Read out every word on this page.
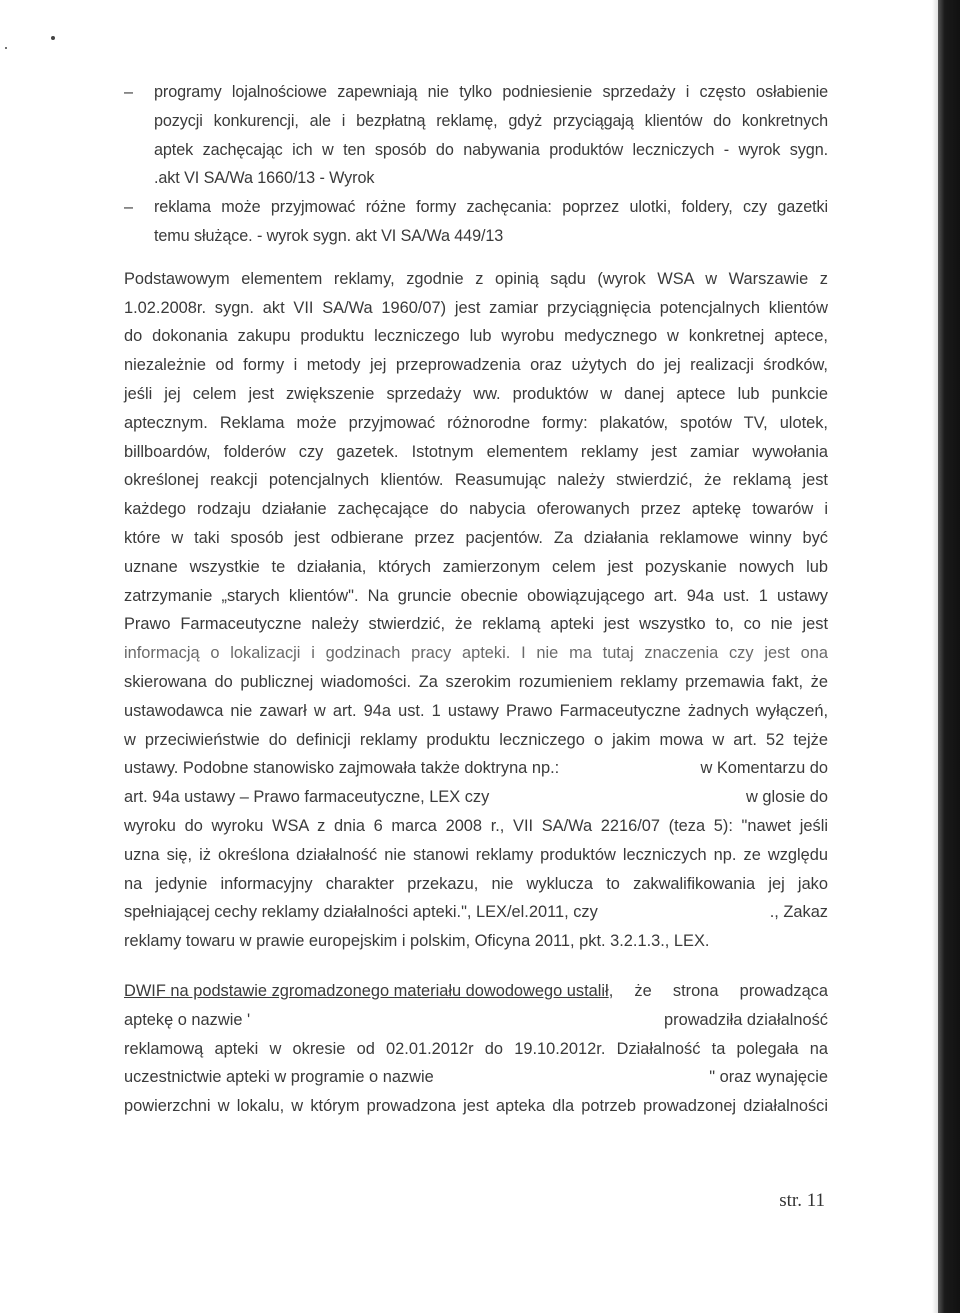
– programy lojalnościowe zapewniają nie tylko podniesienie sprzedaży i często osłabienie
pozycji konkurencji, ale i bezpłatną reklamę, gdyż przyciągają klientów do konkretnych
aptek zachęcając ich w ten sposób do nabywania produktów leczniczych - wyrok sygn.
.akt VI SA/Wa 1660/13 - Wyrok
– reklama może przyjmować różne formy zachęcania: poprzez ulotki, foldery, czy gazetki
temu służące. - wyrok sygn. akt VI SA/Wa 449/13
Podstawowym elementem reklamy, zgodnie z opinią sądu (wyrok WSA w Warszawie z
1.02.2008r. sygn. akt VII SA/Wa 1960/07) jest zamiar przyciągnięcia potencjalnych klientów
do dokonania zakupu produktu leczniczego lub wyrobu medycznego w konkretnej aptece,
niezależnie od formy i metody jej przeprowadzenia oraz użytych do jej realizacji środków,
jeśli jej celem jest zwiększenie sprzedaży ww. produktów w danej aptece lub punkcie
aptecznym. Reklama może przyjmować różnorodne formy: plakatów, spotów TV, ulotek,
billboardów, folderów czy gazetek. Istotnym elementem reklamy jest zamiar wywołania
określonej reakcji potencjalnych klientów. Reasumując należy stwierdzić, że reklamą jest
każdego rodzaju działanie zachęcające do nabycia oferowanych przez aptekę towarów i
które w taki sposób jest odbierane przez pacjentów. Za działania reklamowe winny być
uznane wszystkie te działania, których zamierzonym celem jest pozyskanie nowych lub
zatrzymanie „starych klientów". Na gruncie obecnie obowiązującego art. 94a ust. 1 ustawy
Prawo Farmaceutyczne należy stwierdzić, że reklamą apteki jest wszystko to, co nie jest
informacją o lokalizacji i godzinach pracy apteki. I nie ma tutaj znaczenia czy jest ona
skierowana do publicznej wiadomości. Za szerokim rozumieniem reklamy przemawia fakt, że
ustawodawca nie zawarł w art. 94a ust. 1 ustawy Prawo Farmaceutyczne żadnych wyłączeń,
w przeciwieństwie do definicji reklamy produktu leczniczego o jakim mowa w art. 52 tejże
ustawy. Podobne stanowisko zajmowała także doktryna np.:	w Komentarzu do
art. 94a ustawy – Prawo farmaceutyczne, LEX czy	w glosie do
wyroku do wyroku WSA z dnia 6 marca 2008 r., VII SA/Wa 2216/07 (teza 5): "nawet jeśli
uzna się, iż określona działalność nie stanowi reklamy produktów leczniczych np. ze względu
na jedynie informacyjny charakter przekazu, nie wyklucza to zakwalifikowania jej jako
spełniającej cechy reklamy działalności apteki.", LEX/el.2011, czy	., Zakaz
reklamy towaru w prawie europejskim i polskim, Oficyna 2011, pkt. 3.2.1.3., LEX.
DWIF na podstawie zgromadzonego materiału dowodowego ustalił , że strona prowadząca
aptekę o nazwie '	prowadziła działalność
reklamową apteki w okresie od 02.01.2012r do 19.10.2012r. Działalność ta polegała na
uczestnictwie apteki w programie o nazwie	" oraz wynajęcie
powierzchni w lokalu, w którym prowadzona jest apteka dla potrzeb prowadzonej działalności
str. 11
